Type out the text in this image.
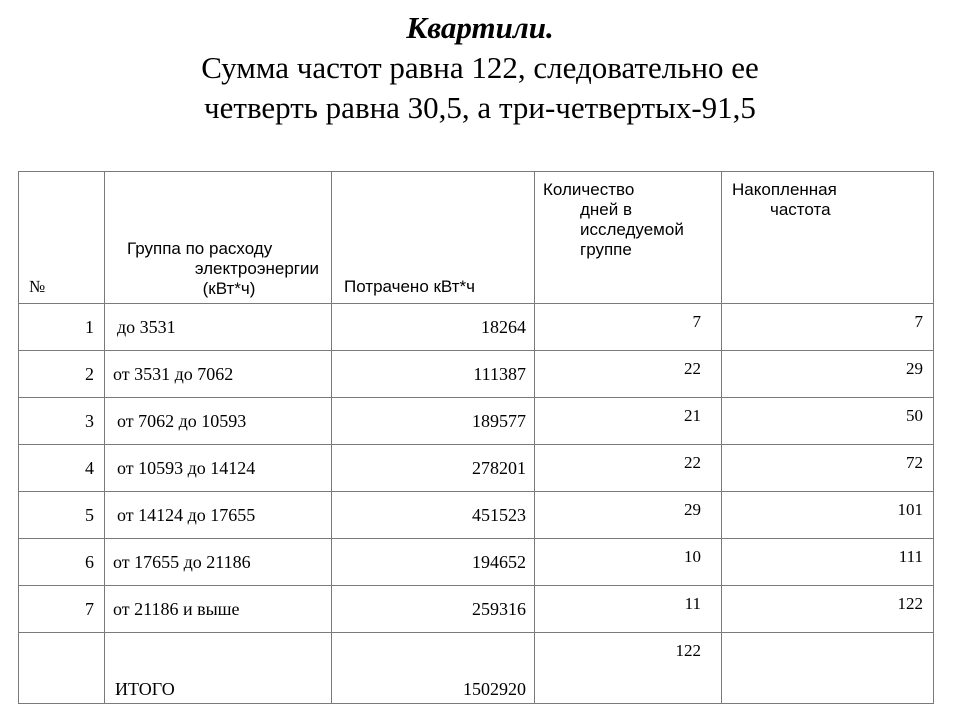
Квартили.
Сумма частот равна 122, следовательно ее
четверть равна 30,5, а три-четвертых-91,5
№	Группа по расходу
электроэнергии
(кВт*ч)	Потрачено кВт*ч	Количество
дней в
исследуемой
группе	Накопленная
частота

1	до 3531	18264	7	7
2	от 3531 до 7062	111387	22	29
3	от 7062 до 10593	189577	21	50
4	от 10593 до 14124	278201	22	72
5	от 14124 до 17655	451523	29	101
6	от 17655 до 21186	194652	10	111
7	от 21186 и выше	259316	11	122
	ИТОГО	1502920	122	
